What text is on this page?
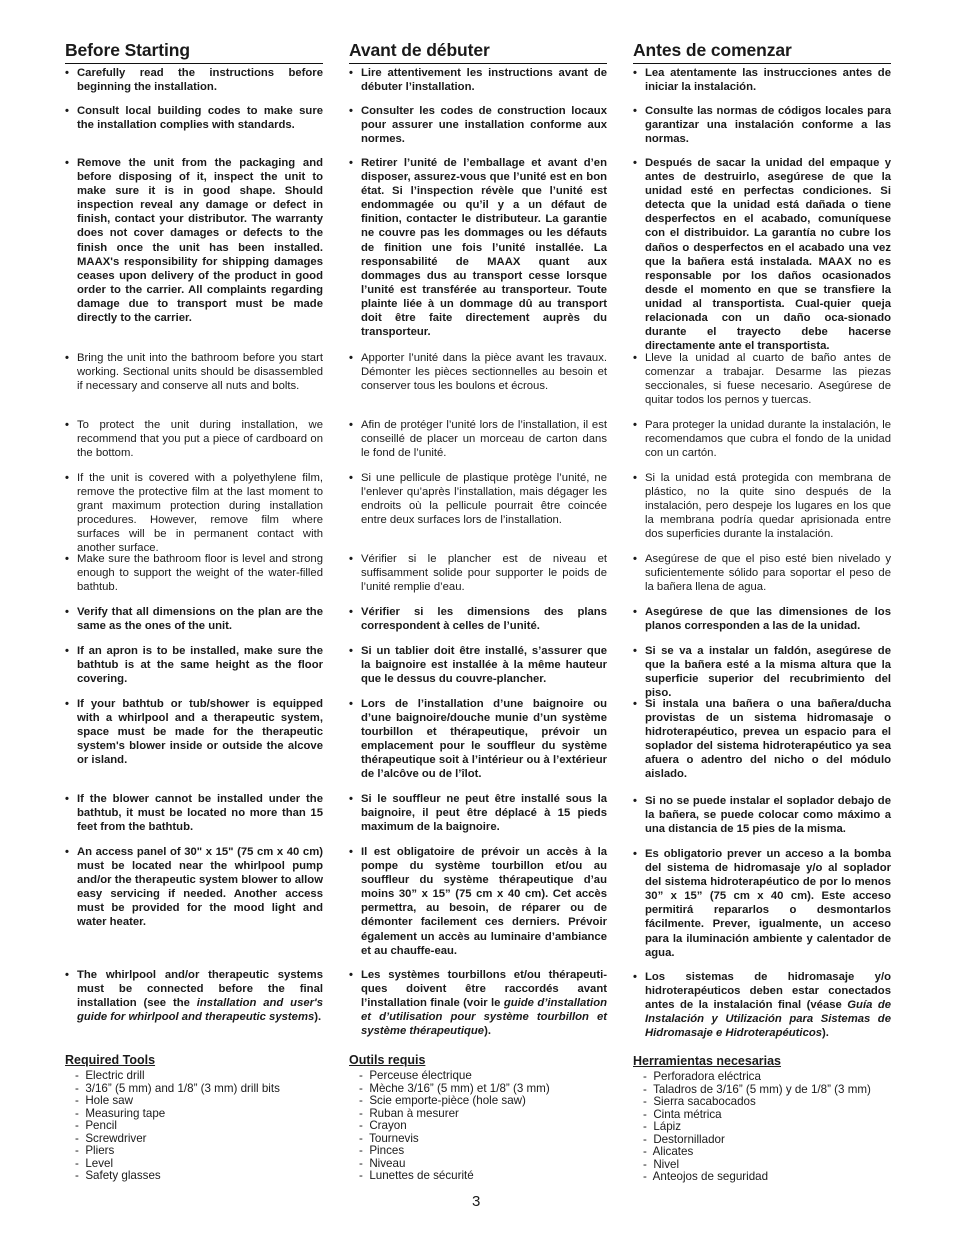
Before Starting
• Carefully read the instructions before beginning the installation.
• Consult local building codes to make sure the installation complies with standards.
• Remove the unit from the packaging and before disposing of it, inspect the unit to make sure it is in good shape. Should inspection reveal any damage or defect in finish, contact your distributor. The warranty does not cover damages or defects to the finish once the unit has been installed. MAAX's responsibility for shipping damages ceases upon delivery of the product in good order to the carrier. All complaints regarding damage due to transport must be made directly to the carrier.
• Bring the unit into the bathroom before you start working. Sectional units should be disassembled if necessary and conserve all nuts and bolts.
• To protect the unit during installation, we recommend that you put a piece of cardboard on the bottom.
• If the unit is covered with a polyethylene film, remove the protective film at the last moment to grant maximum protection during installation procedures. However, remove film where surfaces will be in permanent contact with another surface.
• Make sure the bathroom floor is level and strong enough to support the weight of the water-filled bathtub.
• Verify that all dimensions on the plan are the same as the ones of the unit.
• If an apron is to be installed, make sure the bathtub is at the same height as the floor covering.
• If your bathtub or tub/shower is equipped with a whirlpool and a therapeutic system, space must be made for the therapeutic system's blower inside or outside the alcove or island.
• If the blower cannot be installed under the bathtub, it must be located no more than 15 feet from the bathtub.
• An access panel of 30" x 15" (75 cm x 40 cm) must be located near the whirlpool pump and/or the therapeutic system blower to allow easy servicing if needed. Another access must be provided for the mood light and water heater.
• The whirlpool and/or therapeutic systems must be connected before the final installation (see the installation and user's guide for whirlpool and therapeutic systems).
Required Tools
- Electric drill
- 3/16” (5 mm) and 1/8” (3 mm) drill bits
- Hole saw
- Measuring tape
- Pencil
- Screwdriver
- Pliers
- Level
- Safety glasses
Avant de débuter
• Lire attentivement les instructions avant de débuter l’installation.
• Consulter les codes de construction locaux pour assurer une installation conforme aux normes.
• Retirer l’unité de l’emballage et avant d’en disposer, assurez-vous que l’unité est en bon état. Si l’inspection révèle que l’unité est endommagée ou qu’il y a un défaut de finition, contacter le distributeur. La garantie ne couvre pas les dommages ou les défauts de finition une fois l’unité installée. La responsabilité de MAAX quant aux dommages dus au transport cesse lorsque l’unité est transférée au transporteur. Toute plainte liée à un dommage dû au transport doit être faite directement auprès du transporteur.
• Apporter l’unité dans la pièce avant les travaux. Démonter les pièces sectionnelles au besoin et conserver tous les boulons et écrous.
• Afin de protéger l’unité lors de l’installation, il est conseillé de placer un morceau de carton dans le fond de l’unité.
• Si une pellicule de plastique protège l’unité, ne l’enlever qu’après l’installation, mais dégager les endroits où la pellicule pourrait être coincée entre deux surfaces lors de l’installation.
• Vérifier si le plancher est de niveau et suffisamment solide pour supporter le poids de l’unité remplie d’eau.
• Vérifier si les dimensions des plans correspondent à celles de l’unité.
• Si un tablier doit être installé, s’assurer que la baignoire est installée à la même hauteur que le dessus du couvre-plancher.
• Lors de l’installation d’une baignoire ou d’une baignoire/douche munie d’un système tourbillon et thérapeutique, prévoir un emplacement pour le souffleur du système thérapeutique soit à l’intérieur ou à l’extérieur de l’alcôve ou de l’îlot.
• Si le souffleur ne peut être installé sous la baignoire, il peut être déplacé à 15 pieds maximum de la baignoire.
• Il est obligatoire de prévoir un accès à la pompe du système tourbillon et/ou au souffleur du système thérapeutique d’au moins 30” x 15” (75 cm x 40 cm). Cet accès permettra, au besoin, de réparer ou de démonter facilement ces derniers. Prévoir également un accès au luminaire d’ambiance et au chauffe-eau.
• Les systèmes tourbillons et/ou thérapeuti-ques doivent être raccordés avant l’installation finale (voir le guide d’installation et d’utilisation pour système tourbillon et système thérapeutique).
Outils requis
- Perceuse électrique
- Mèche 3/16” (5 mm) et 1/8” (3 mm)
- Scie emporte-pièce (hole saw)
- Ruban à mesurer
- Crayon
- Tournevis
- Pinces
- Niveau
- Lunettes de sécurité
Antes de comenzar
• Lea atentamente las instrucciones antes de iniciar la instalación.
• Consulte las normas de códigos locales para garantizar una instalación conforme a las normas.
• Después de sacar la unidad del empaque y antes de destruirlo, asegúrese de que la unidad esté en perfectas condiciones. Si detecta que la unidad está dañada o tiene desperfectos en el acabado, comuníquese con el distribuidor. La garantía no cubre los daños o desperfectos en el acabado una vez que la bañera está instalada. MAAX no es responsable por los daños ocasionados desde el momento en que se transfiere la unidad al transportista. Cual-quier queja relacionada con un daño oca-sionado durante el trayecto debe hacerse directamente ante el transportista.
• Lleve la unidad al cuarto de baño antes de comenzar a trabajar. Desarme las piezas seccionales, si fuese necesario. Asegúrese de quitar todos los pernos y tuercas.
• Para proteger la unidad durante la instalación, le recomendamos que cubra el fondo de la unidad con un cartón.
• Si la unidad está protegida con membrana de plástico, no la quite sino después de la instalación, pero despeje los lugares en los que la membrana podría quedar aprisionada entre dos superficies durante la instalación.
• Asegúrese de que el piso esté bien nivelado y suficientemente sólido para soportar el peso de la bañera llena de agua.
• Asegúrese de que las dimensiones de los planos corresponden a las de la unidad.
• Si se va a instalar un faldón, asegúrese de que la bañera esté a la misma altura que la superficie superior del recubrimiento del piso.
• Si instala una bañera o una bañera/ducha provistas de un sistema hidromasaje o hidroterapéutico, prevea un espacio para el soplador del sistema hidroterapéutico ya sea afuera o adentro del nicho o del módulo aislado.
• Si no se puede instalar el soplador debajo de la bañera, se puede colocar como máximo a una distancia de 15 pies de la misma.
• Es obligatorio prever un acceso a la bomba del sistema de hidromasaje y/o al soplador del sistema hidroterapéutico de por lo menos 30” x 15” (75 cm x 40 cm). Este acceso permitirá repararlos o desmontarlos fácilmente. Prever, igualmente, un acceso para la iluminación ambiente y calentador de agua.
• Los sistemas de hidromasaje y/o hidroterapéuticos deben estar conectados antes de la instalación final (véase Guía de Instalación y Utilización para Sistemas de Hidromasaje e Hidroterapéuticos).
Herramientas necesarias
- Perforadora eléctrica
- Taladros de 3/16” (5 mm) y de 1/8” (3 mm)
- Sierra sacabocados
- Cinta métrica
- Lápiz
- Destornillador
- Alicates
- Nivel
- Anteojos de seguridad
3
